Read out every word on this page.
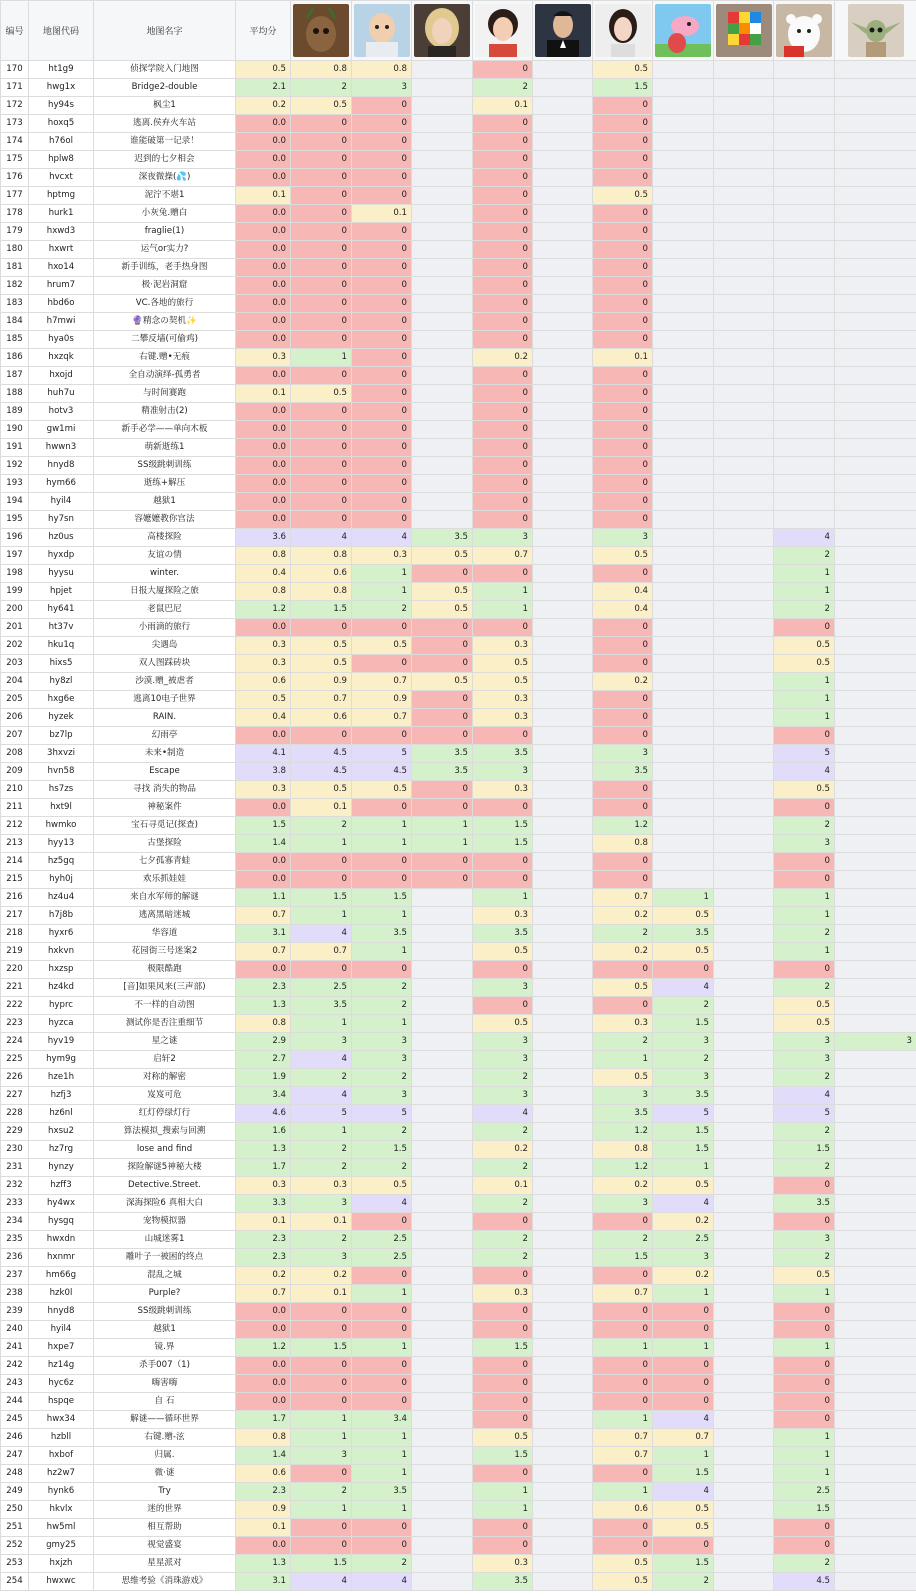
编号	地图代码	地图名字	平均分	

170	ht1g9	侦探学院入门地图	0.5	0.8	0.8		0		0.5				
171	hwg1x	Bridge2-double	2.1	2	3		2		1.5				
172	hy94s	枫尘1	0.2	0.5	0		0.1		0				
173	hoxq5	逃离.侯弃火车站	0.0	0	0		0		0				
174	h76ol	谁能破第一记录！	0.0	0	0		0		0				
175	hplw8	迟到的七夕相会	0.0	0	0		0		0				
176	hvcxt	深夜微操(💦)	0.0	0	0		0		0				
177	hptmg	泥泞不堪1	0.1	0	0		0		0.5				
178	hurk1	小灰兔.赠白	0.0	0	0.1		0		0				
179	hxwd3	fraglie(1)	0.0	0	0		0		0				
180	hxwrt	运气or实力?	0.0	0	0		0		0				
181	hxo14	新手训练，老手热身图	0.0	0	0		0		0				
182	hrum7	极·泥岩洞窟	0.0	0	0		0		0				
183	hbd6o	VC.各地的旅行	0.0	0	0		0		0				
184	h7mwi	🔮精念の契机✨	0.0	0	0		0		0				
185	hya0s	二攀反墙(可偷鸡)	0.0	0	0		0		0				
186	hxzqk	右键.赠•无痕	0.3	1	0		0.2		0.1				
187	hxojd	全自动演绎-孤勇者	0.0	0	0		0		0				
188	huh7u	与时间赛跑	0.1	0.5	0		0		0				
189	hotv3	精准射击(2)	0.0	0	0		0		0				
190	gw1mi	新手必学——单向木板	0.0	0	0		0		0				
191	hwwn3	萌新逝练1	0.0	0	0		0		0				
192	hnyd8	SS级跳刺训练	0.0	0	0		0		0				
193	hym66	逝练+解压	0.0	0	0		0		0				
194	hyil4	越狱1	0.0	0	0		0		0				
195	hy7sn	容嬷嬷教你宫法	0.0	0	0		0		0				
196	hz0us	高楼探险	3.6	4	4	3.5	3		3			4	
197	hyxdp	友谊の情	0.8	0.8	0.3	0.5	0.7		0.5			2	
198	hyysu	winter.	0.4	0.6	1	0	0		0			1	
199	hpjet	日报大厦探险之旅	0.8	0.8	1	0.5	1		0.4			1	
200	hy641	老鼠巴尼	1.2	1.5	2	0.5	1		0.4			2	
201	ht37v	小雨滴的旅行	0.0	0	0	0	0		0			0	
202	hku1q	尖遇岛	0.3	0.5	0.5	0	0.3		0			0.5	
203	hixs5	双人图踩砖块	0.3	0.5	0	0	0.5		0			0.5	
204	hy8zl	沙漠.赠_被虐者	0.6	0.9	0.7	0.5	0.5		0.2			1	
205	hxg6e	逃离10电子世界	0.5	0.7	0.9	0	0.3		0			1	
206	hyzek	RAIN.	0.4	0.6	0.7	0	0.3		0			1	
207	bz7lp	幻雨亭	0.0	0	0	0	0		0			0	
208	3hxvzi	未来•制造	4.1	4.5	5	3.5	3.5		3			5	
209	hvn58	Escape	3.8	4.5	4.5	3.5	3		3.5			4	
210	hs7zs	寻找 消失的物品	0.3	0.5	0.5	0	0.3		0			0.5	
211	hxt9l	神秘案件	0.0	0.1	0	0	0		0			0	
212	hwmko	宝石寻觅记(探查)	1.5	2	1	1	1.5		1.2			2	
213	hyy13	古堡探险	1.4	1	1	1	1.5		0.8			3	
214	hz5gq	七夕孤寡青蛙	0.0	0	0	0	0		0			0	
215	hyh0j	欢乐抓娃娃	0.0	0	0	0	0		0			0	
216	hz4u4	来自水军师的解谜	1.1	1.5	1.5		1		0.7	1		1	
217	h7j8b	逃离黑暗迷城	0.7	1	1		0.3		0.2	0.5		1	
218	hyxr6	华容道	3.1	4	3.5		3.5		2	3.5		2	
219	hxkvn	花园街三号迷案2	0.7	0.7	1		0.5		0.2	0.5		1	
220	hxzsp	极限酷跑	0.0	0	0		0		0	0		0	
221	hz4kd	[音]如果风来(三声部)	2.3	2.5	2		3		0.5	4		2	
222	hyprc	不一样的自动图	1.3	3.5	2		0		0	2		0.5	
223	hyzca	测试你是否注重细节	0.8	1	1		0.5		0.3	1.5		0.5	
224	hyv19	星之谜	2.9	3	3		3		2	3		3	3
225	hym9g	启轩2	2.7	4	3		3		1	2		3	
226	hze1h	对称的解密	1.9	2	2		2		0.5	3		2	
227	hzfj3	岌岌可危	3.4	4	3		3		3	3.5		4	
228	hz6nl	红灯停绿灯行	4.6	5	5		4		3.5	5		5	
229	hxsu2	算法模拟_搜索与回溯	1.6	1	2		2		1.2	1.5		2	
230	hz7rg	lose and find	1.3	2	1.5		0.2		0.8	1.5		1.5	
231	hynzy	探险解谜5神秘大楼	1.7	2	2		2		1.2	1		2	
232	hzff3	Detective.Street.	0.3	0.3	0.5		0.1		0.2	0.5		0	
233	hy4wx	深海探险6 真相大白	3.3	3	4		2		3	4		3.5	
234	hysgq	宠物模拟器	0.1	0.1	0		0		0	0.2		0	
235	hwxdn	山城迷雾1	2.3	2	2.5		2		2	2.5		3	
236	hxnmr	雕叶子一被困的终点	2.3	3	2.5		2		1.5	3		2	
237	hm66g	混乱之城	0.2	0.2	0		0		0	0.2		0.5	
238	hzk0l	Purple?	0.7	0.1	1		0.3		0.7	1		1	
239	hnyd8	SS级跳刺训练	0.0	0	0		0		0	0		0	
240	hyil4	越狱1	0.0	0	0		0		0	0		0	
241	hxpe7	镜.界	1.2	1.5	1		1.5		1	1		1	
242	hz14g	杀手007（1)	0.0	0	0		0		0	0		0	
243	hyc6z	嗨害嗨	0.0	0	0		0		0	0		0	
244	hspqe	自 石	0.0	0	0		0		0	0		0	
245	hwx34	解谜——循环世界	1.7	1	3.4		0		1	4		0	
246	hzbll	右键.赠-泫	0.8	1	1		0.5		0.7	0.7		1	
247	hxbof	归属.	1.4	3	1		1.5		0.7	1		1	
248	hz2w7	微·谜	0.6	0	1		0		0	1.5		1	
249	hynk6	Try	2.3	2	3.5		1		1	4		2.5	
250	hkvlx	迷的世界	0.9	1	1		1		0.6	0.5		1.5	
251	hw5ml	相互帮助	0.1	0	0		0		0	0.5		0	
252	gmy25	视觉盛宴	0.0	0	0		0		0	0		0	
253	hxjzh	星星派对	1.3	1.5	2		0.3		0.5	1.5		2	
254	hwxwc	思维考验《消珠游戏》	3.1	4	4		3.5		0.5	2		4.5	
